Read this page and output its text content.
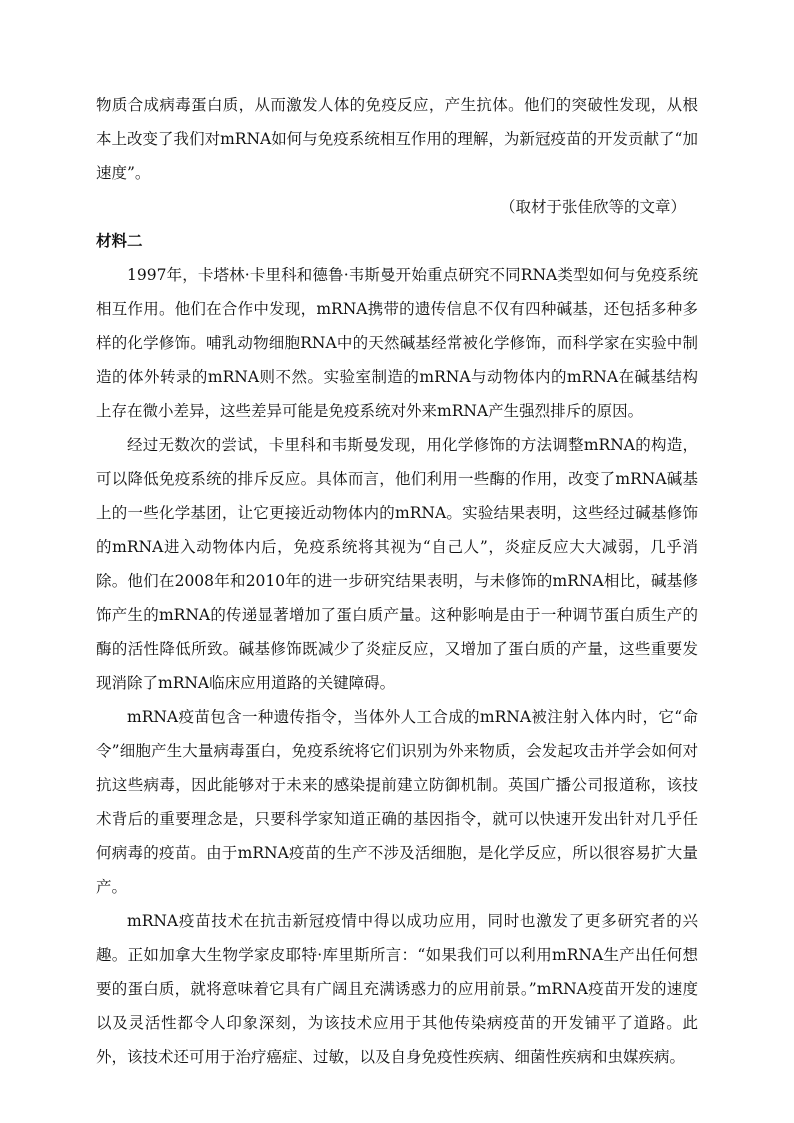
物质合成病毒蛋白质，从而激发人体的免疫反应，产生抗体。他们的突破性发现，从根本上改变了我们对mRNA如何与免疫系统相互作用的理解，为新冠疫苗的开发贡献了“加速度”。

（取材于张佳欣等的文章）

材料二

1997年，卡塔林·卡里科和德鲁·韦斯曼开始重点研究不同RNA类型如何与免疫系统相互作用。他们在合作中发现，mRNA携带的遗传信息不仅有四种碱基，还包括多种多样的化学修饰。哺乳动物细胞RNA中的天然碱基经常被化学修饰，而科学家在实验中制造的体外转录的mRNA则不然。实验室制造的mRNA与动物体内的mRNA在碱基结构上存在微小差异，这些差异可能是免疫系统对外来mRNA产生强烈排斥的原因。

经过无数次的尝试，卡里科和韦斯曼发现，用化学修饰的方法调整mRNA的构造，可以降低免疫系统的排斥反应。具体而言，他们利用一些酶的作用，改变了mRNA碱基上的一些化学基团，让它更接近动物体内的mRNA。实验结果表明，这些经过碱基修饰的mRNA进入动物体内后，免疫系统将其视为“自己人”，炎症反应大大减弱，几乎消除。他们在2008年和2010年的进一步研究结果表明，与未修饰的mRNA相比，碱基修饰产生的mRNA的传递显著增加了蛋白质产量。这种影响是由于一种调节蛋白质生产的酶的活性降低所致。碱基修饰既减少了炎症反应，又增加了蛋白质的产量，这些重要发现消除了mRNA临床应用道路的关键障碍。

mRNA疫苗包含一种遗传指令，当体外人工合成的mRNA被注射入体内时，它“命令”细胞产生大量病毒蛋白，免疫系统将它们识别为外来物质，会发起攻击并学会如何对抗这些病毒，因此能够对于未来的感染提前建立防御机制。英国广播公司报道称，该技术背后的重要理念是，只要科学家知道正确的基因指令，就可以快速开发出针对几乎任何病毒的疫苗。由于mRNA疫苗的生产不涉及活细胞，是化学反应，所以很容易扩大量产。

mRNA疫苗技术在抗击新冠疫情中得以成功应用，同时也激发了更多研究者的兴趣。正如加拿大生物学家皮耶特·库里斯所言：“如果我们可以利用mRNA生产出任何想要的蛋白质，就将意味着它具有广阔且充满诱惑力的应用前景。”mRNA疫苗开发的速度以及灵活性都令人印象深刻，为该技术应用于其他传染病疫苗的开发铺平了道路。此外，该技术还可用于治疗癌症、过敏，以及自身免疫性疾病、细菌性疾病和虫媒疾病。
